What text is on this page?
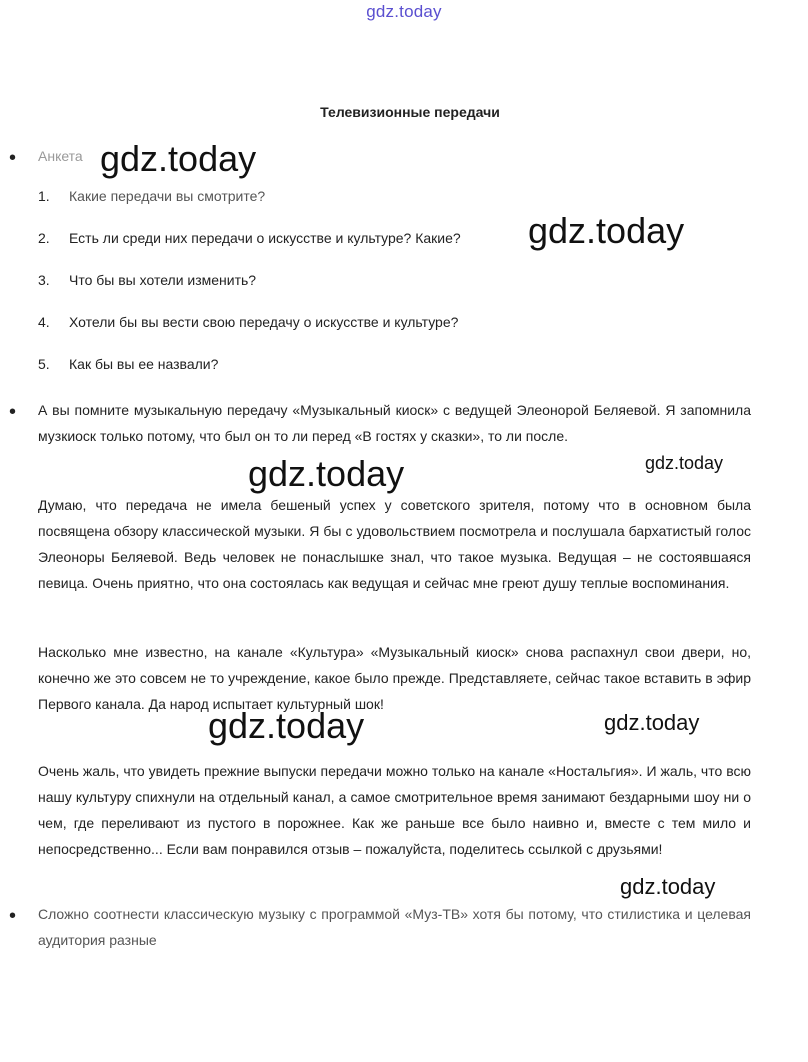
gdz.today
Телевизионные передачи
•
Анкета
1.	Какие передачи вы смотрите?
2.	Есть ли среди них передачи о искусстве и культуре? Какие?
3.	Что бы вы хотели изменить?
4.	Хотели бы вы вести свою передачу о искусстве и культуре?
5.	Как бы вы ее назвали?
•

А вы помните музыкальную передачу «Музыкальный киоск» с ведущей Элеонорой Беляевой. Я запомнила музкиоск только потому, что был он то ли перед «В гостях у сказки», то ли после.

Думаю, что передача не имела бешеный успех у советского зрителя, потому что в основном была посвящена обзору классической музыки. Я бы с удовольствием посмотрела и послушала бархатистый голос Элеоноры Беляевой. Ведь человек не понаслышке знал, что такое музыка. Ведущая – не состоявшаяся певица. Очень приятно, что она состоялась как ведущая и сейчас мне греют душу теплые воспоминания.

Насколько мне известно, на канале «Культура» «Музыкальный киоск» снова распахнул свои двери, но, конечно же это совсем не то учреждение, какое было прежде. Представляете, сейчас такое вставить в эфир Первого канала. Да народ испытает культурный шок!

Очень жаль, что увидеть прежние выпуски передачи можно только на канале «Ностальгия». И жаль, что всю нашу культуру спихнули на отдельный канал, а самое смотрительное время занимают бездарными шоу ни о чем, где переливают из пустого в порожнее. Как же раньше все было наивно и, вместе с тем мило и непосредственно... Если вам понравился отзыв – пожалуйста, поделитесь ссылкой с друзьями!

•

Сложно соотнести классическую музыку с программой «Муз-ТВ» хотя бы потому, что стилистика и целевая аудитория разные

gdz.today
gdz.today
gdz.today	gdz.today
gdz.today	gdz.today
gdz.today
